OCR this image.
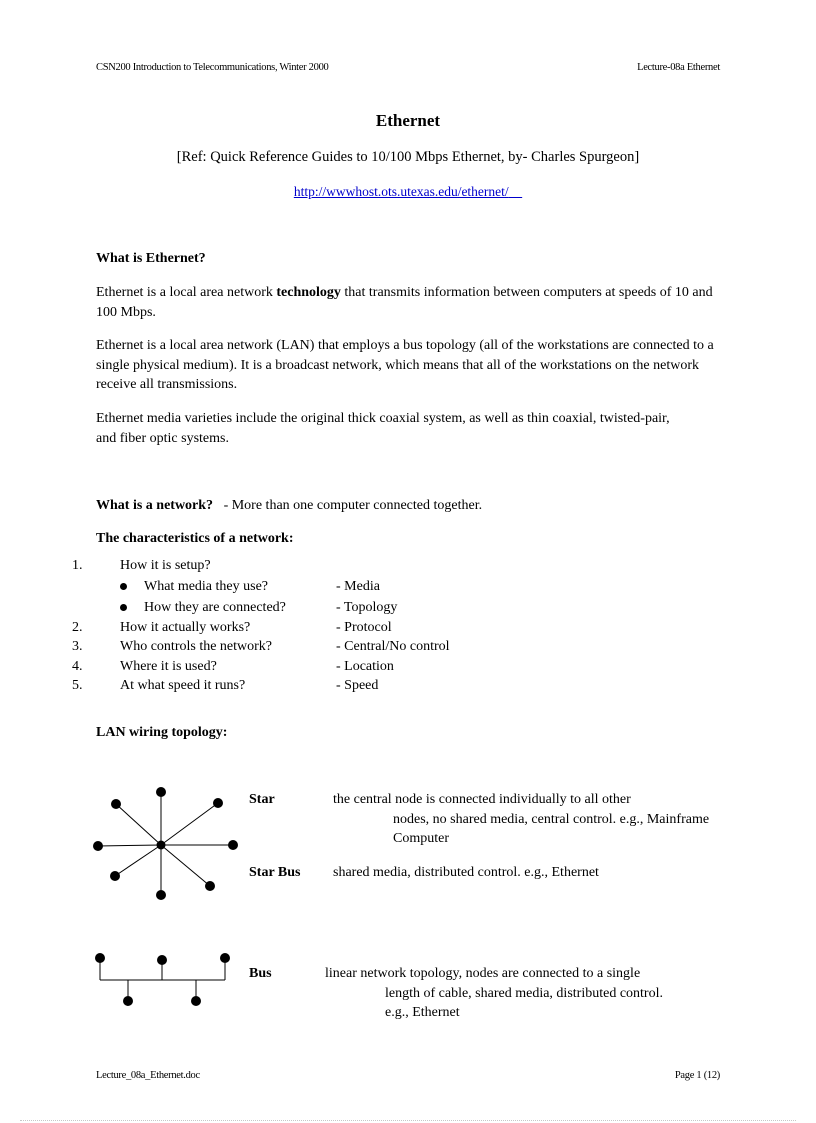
CSN200 Introduction to Telecommunications, Winter 2000	Lecture-08a Ethernet
Ethernet
[Ref: Quick Reference Guides to 10/100 Mbps Ethernet, by- Charles Spurgeon]
http://wwwhost.ots.utexas.edu/ethernet/
What is Ethernet?
Ethernet is a local area network technology that transmits information between computers at speeds of 10 and 100 Mbps.
Ethernet is a local area network (LAN) that employs a bus topology (all of the workstations are connected to a single physical medium). It is a broadcast network, which means that all of the workstations on the network receive all transmissions.
Ethernet media varieties include the original thick coaxial system, as well as thin coaxial, twisted-pair, and fiber optic systems.
What is a network? - More than one computer connected together.
The characteristics of a network:
1.	How it is setup?
What media they use?	- Media
How they are connected?	- Topology
2.	How it actually works?	- Protocol
3.	Who controls the network?	- Central/No control
4.	Where it is used?	- Location
5.	At what speed it runs?	- Speed
LAN wiring topology:
Star	the central node is connected individually to all other
nodes, no shared media, central control. e.g., Mainframe
Computer
Star Bus shared media, distributed control. e.g., Ethernet
Bus	linear network topology, nodes are connected to a single
length of cable, shared media, distributed control.
e.g., Ethernet
Lecture_08a_Ethernet.doc	Page 1 (12)
